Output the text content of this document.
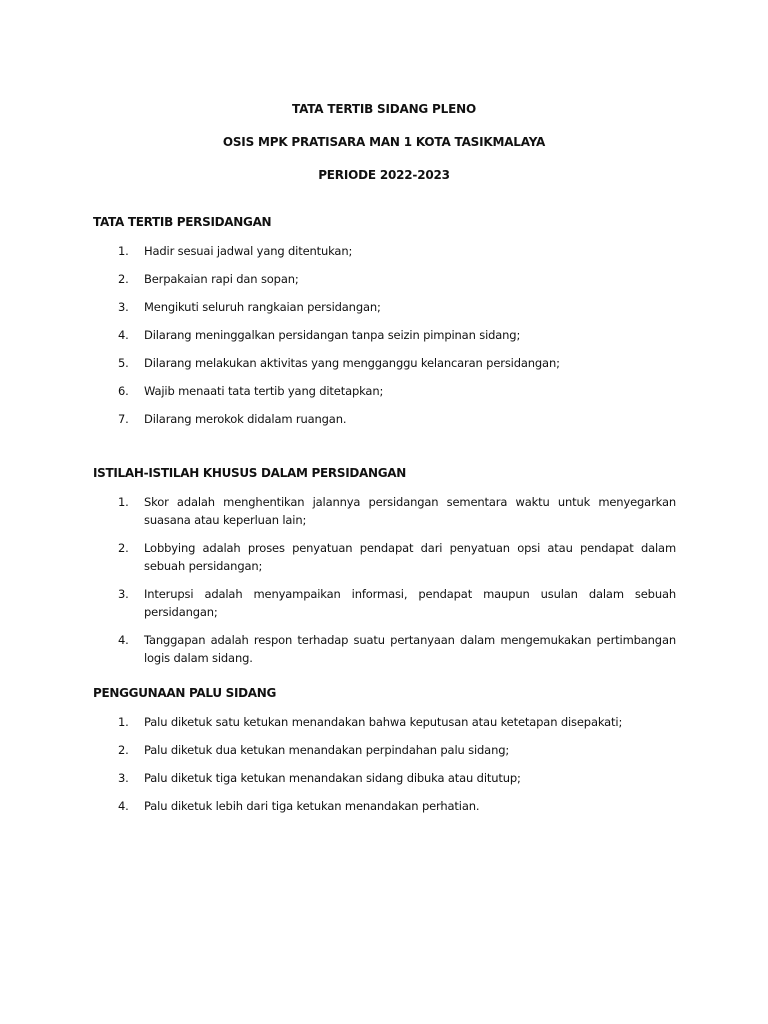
TATA TERTIB SIDANG PLENO
OSIS MPK PRATISARA MAN 1 KOTA TASIKMALAYA
PERIODE 2022-2023
TATA TERTIB PERSIDANGAN
1. Hadir sesuai jadwal yang ditentukan;
2. Berpakaian rapi dan sopan;
3. Mengikuti seluruh rangkaian persidangan;
4. Dilarang meninggalkan persidangan tanpa seizin pimpinan sidang;
5. Dilarang melakukan aktivitas yang mengganggu kelancaran persidangan;
6. Wajib menaati tata tertib yang ditetapkan;
7. Dilarang merokok didalam ruangan.
ISTILAH-ISTILAH KHUSUS DALAM PERSIDANGAN
1. Skor adalah menghentikan jalannya persidangan sementara waktu untuk menyegarkan suasana atau keperluan lain;
2. Lobbying adalah proses penyatuan pendapat dari penyatuan opsi atau pendapat dalam sebuah persidangan;
3. Interupsi adalah menyampaikan informasi, pendapat maupun usulan dalam sebuah persidangan;
4. Tanggapan adalah respon terhadap suatu pertanyaan dalam mengemukakan pertimbangan logis dalam sidang.
PENGGUNAAN PALU SIDANG
1. Palu diketuk satu ketukan menandakan bahwa keputusan atau ketetapan disepakati;
2. Palu diketuk dua ketukan menandakan perpindahan palu sidang;
3. Palu diketuk tiga ketukan menandakan sidang dibuka atau ditutup;
4. Palu diketuk lebih dari tiga ketukan menandakan perhatian.
